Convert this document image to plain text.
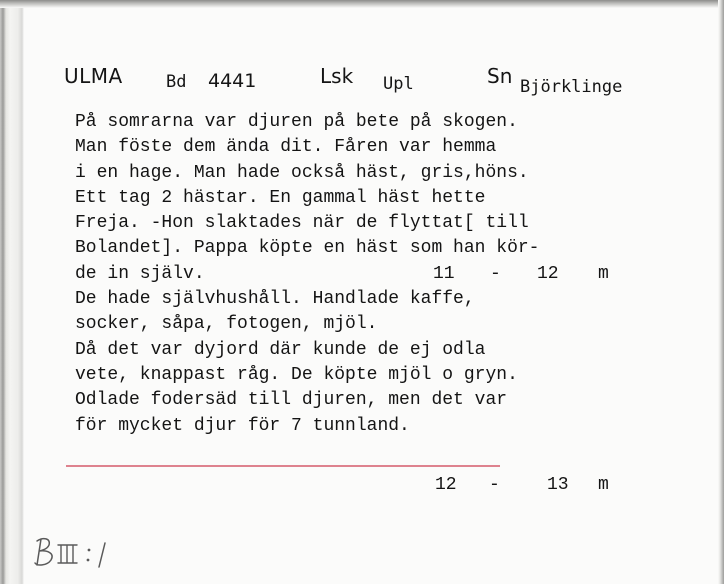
ULMA	Bd 4441	Lsk Upl	Sn Björklinge
På somrarna var djuren på bete på skogen.
Man föste dem ända dit. Fåren var hemma
i en hage. Man hade också häst, gris,höns.
Ett tag 2 hästar. En gammal häst hette
Freja. -Hon slaktades när de flyttat[ till
Bolandet]. Pappa köpte en häst som han kör-
de in själv.	11 - 12 m
De hade självhushåll. Handlade kaffe,
socker, såpa, fotogen, mjöl.
Då det var dyjord där kunde de ej odla
vete, knappast råg. De köpte mjöl o gryn.
Odlade fodersäd till djuren, men det var
för mycket djur för 7 tunnland.
12 -	13 m
